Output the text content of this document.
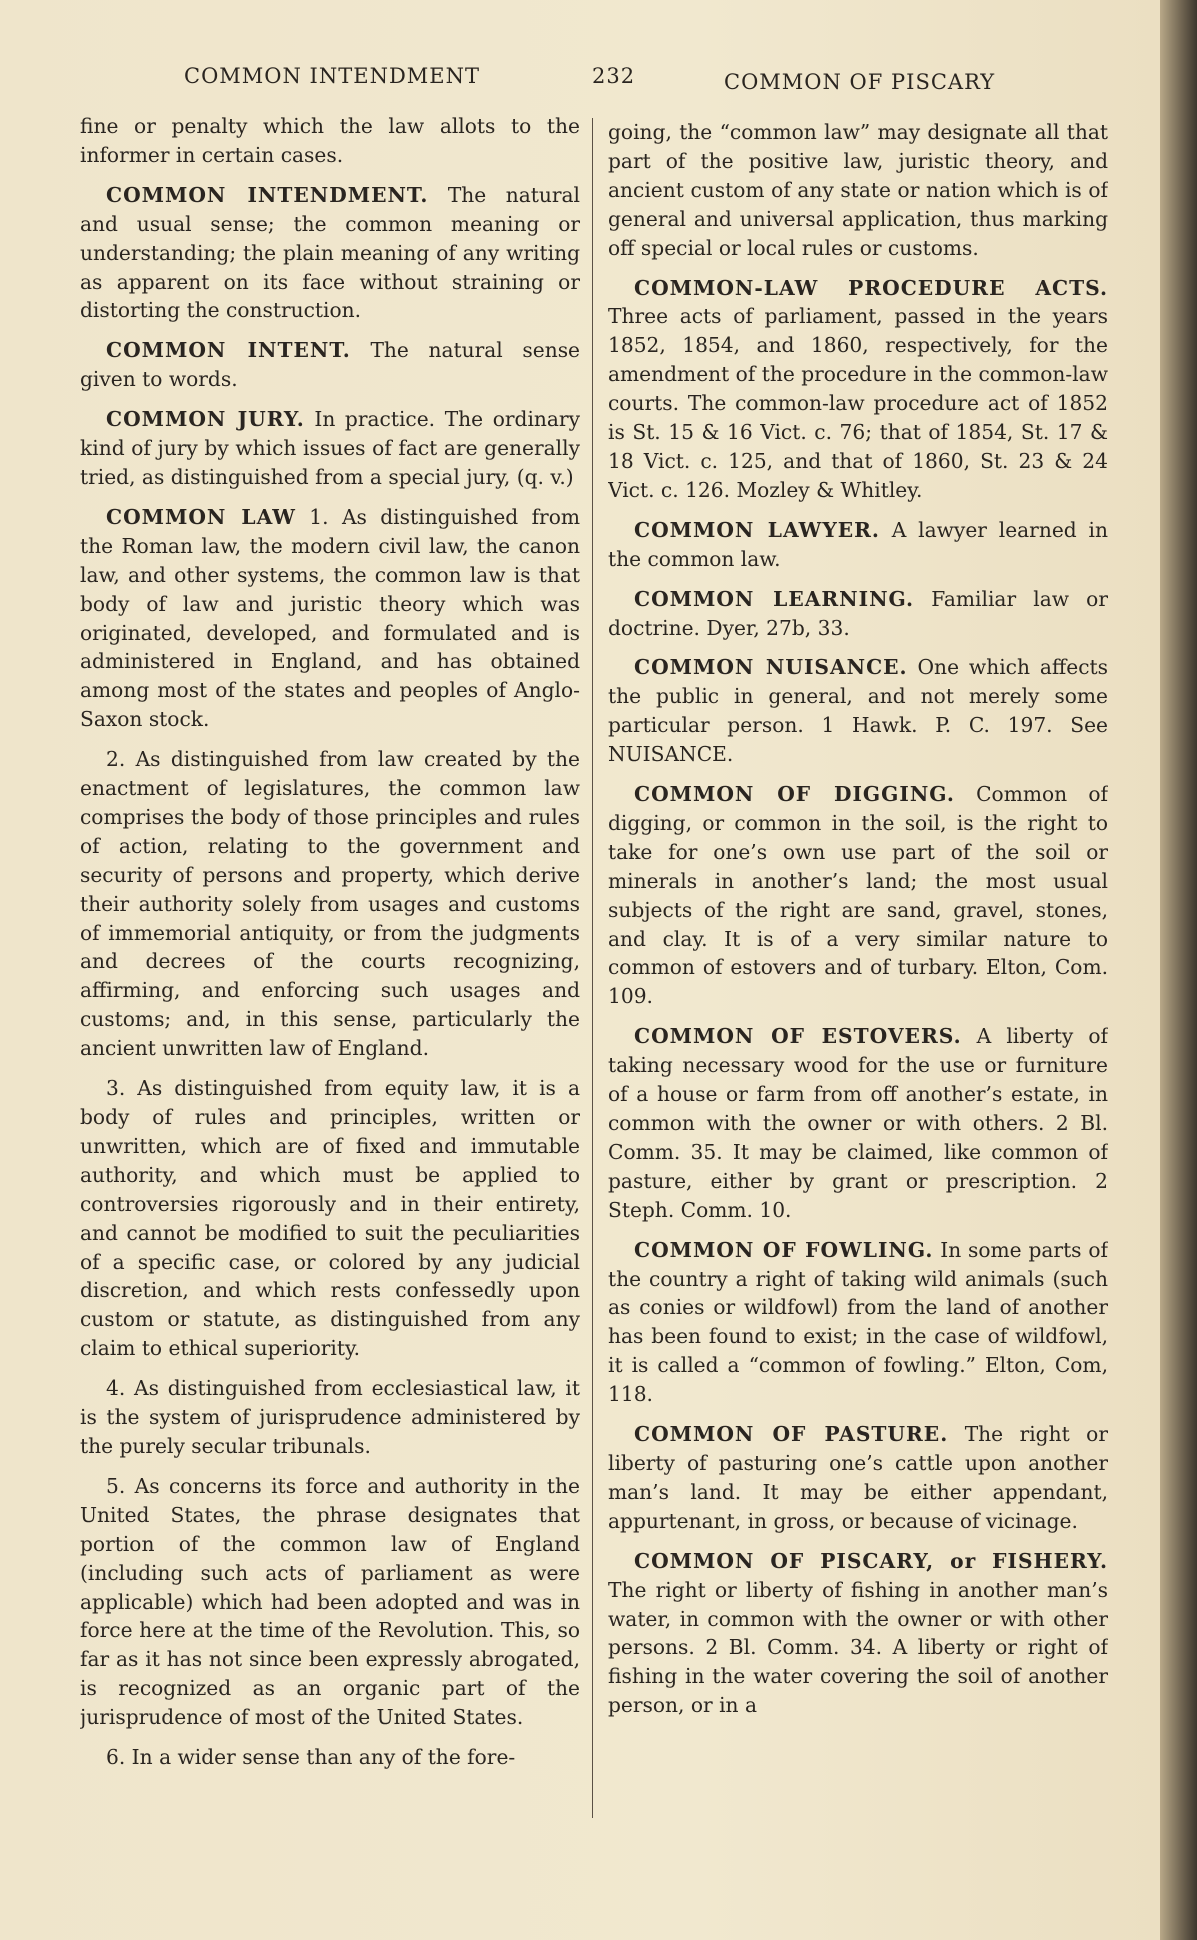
COMMON INTENDMENT	232	COMMON OF PISCARY

fine or penalty which the law allots to the informer in certain cases.

COMMON INTENDMENT. The natural and usual sense; the common meaning or understanding; the plain meaning of any writing as apparent on its face without straining or distorting the construction.

COMMON INTENT. The natural sense given to words.

COMMON JURY. In practice. The ordinary kind of jury by which issues of fact are generally tried, as distinguished from a special jury, (q. v.)

COMMON LAW 1. As distinguished from the Roman law, the modern civil law, the canon law, and other systems, the common law is that body of law and juristic theory which was originated, developed, and formulated and is administered in England, and has obtained among most of the states and peoples of Anglo-Saxon stock.

2. As distinguished from law created by the enactment of legislatures, the common law comprises the body of those principles and rules of action, relating to the government and security of persons and property, which derive their authority solely from usages and customs of immemorial antiquity, or from the judgments and decrees of the courts recognizing, affirming, and enforcing such usages and customs; and, in this sense, particularly the ancient unwritten law of England.

3. As distinguished from equity law, it is a body of rules and principles, written or unwritten, which are of fixed and immutable authority, and which must be applied to controversies rigorously and in their entirety, and cannot be modified to suit the peculiarities of a specific case, or colored by any judicial discretion, and which rests confessedly upon custom or statute, as distinguished from any claim to ethical superiority.

4. As distinguished from ecclesiastical law, it is the system of jurisprudence administered by the purely secular tribunals.

5. As concerns its force and authority in the United States, the phrase designates that portion of the common law of England (including such acts of parliament as were applicable) which had been adopted and was in force here at the time of the Revolution. This, so far as it has not since been expressly abrogated, is recognized as an organic part of the jurisprudence of most of the United States.

6. In a wider sense than any of the fore-

going, the “common law” may designate all that part of the positive law, juristic theory, and ancient custom of any state or nation which is of general and universal application, thus marking off special or local rules or customs.

COMMON-LAW PROCEDURE ACTS. Three acts of parliament, passed in the years 1852, 1854, and 1860, respectively, for the amendment of the procedure in the common-law courts. The common-law procedure act of 1852 is St. 15 & 16 Vict. c. 76; that of 1854, St. 17 & 18 Vict. c. 125, and that of 1860, St. 23 & 24 Vict. c. 126. Mozley & Whitley.

COMMON LAWYER. A lawyer learned in the common law.

COMMON LEARNING. Familiar law or doctrine. Dyer, 27b, 33.

COMMON NUISANCE. One which affects the public in general, and not merely some particular person. 1 Hawk. P. C. 197. See NUISANCE.

COMMON OF DIGGING. Common of digging, or common in the soil, is the right to take for one’s own use part of the soil or minerals in another’s land; the most usual subjects of the right are sand, gravel, stones, and clay. It is of a very similar nature to common of estovers and of turbary. Elton, Com. 109.

COMMON OF ESTOVERS. A liberty of taking necessary wood for the use or furniture of a house or farm from off another’s estate, in common with the owner or with others. 2 Bl. Comm. 35. It may be claimed, like common of pasture, either by grant or prescription. 2 Steph. Comm. 10.

COMMON OF FOWLING. In some parts of the country a right of taking wild animals (such as conies or wildfowl) from the land of another has been found to exist; in the case of wildfowl, it is called a “common of fowling.” Elton, Com, 118.

COMMON OF PASTURE. The right or liberty of pasturing one’s cattle upon another man’s land. It may be either appendant, appurtenant, in gross, or because of vicinage.

COMMON OF PISCARY, or FISHERY. The right or liberty of fishing in another man’s water, in common with the owner or with other persons. 2 Bl. Comm. 34. A liberty or right of fishing in the water covering the soil of another person, or in a
